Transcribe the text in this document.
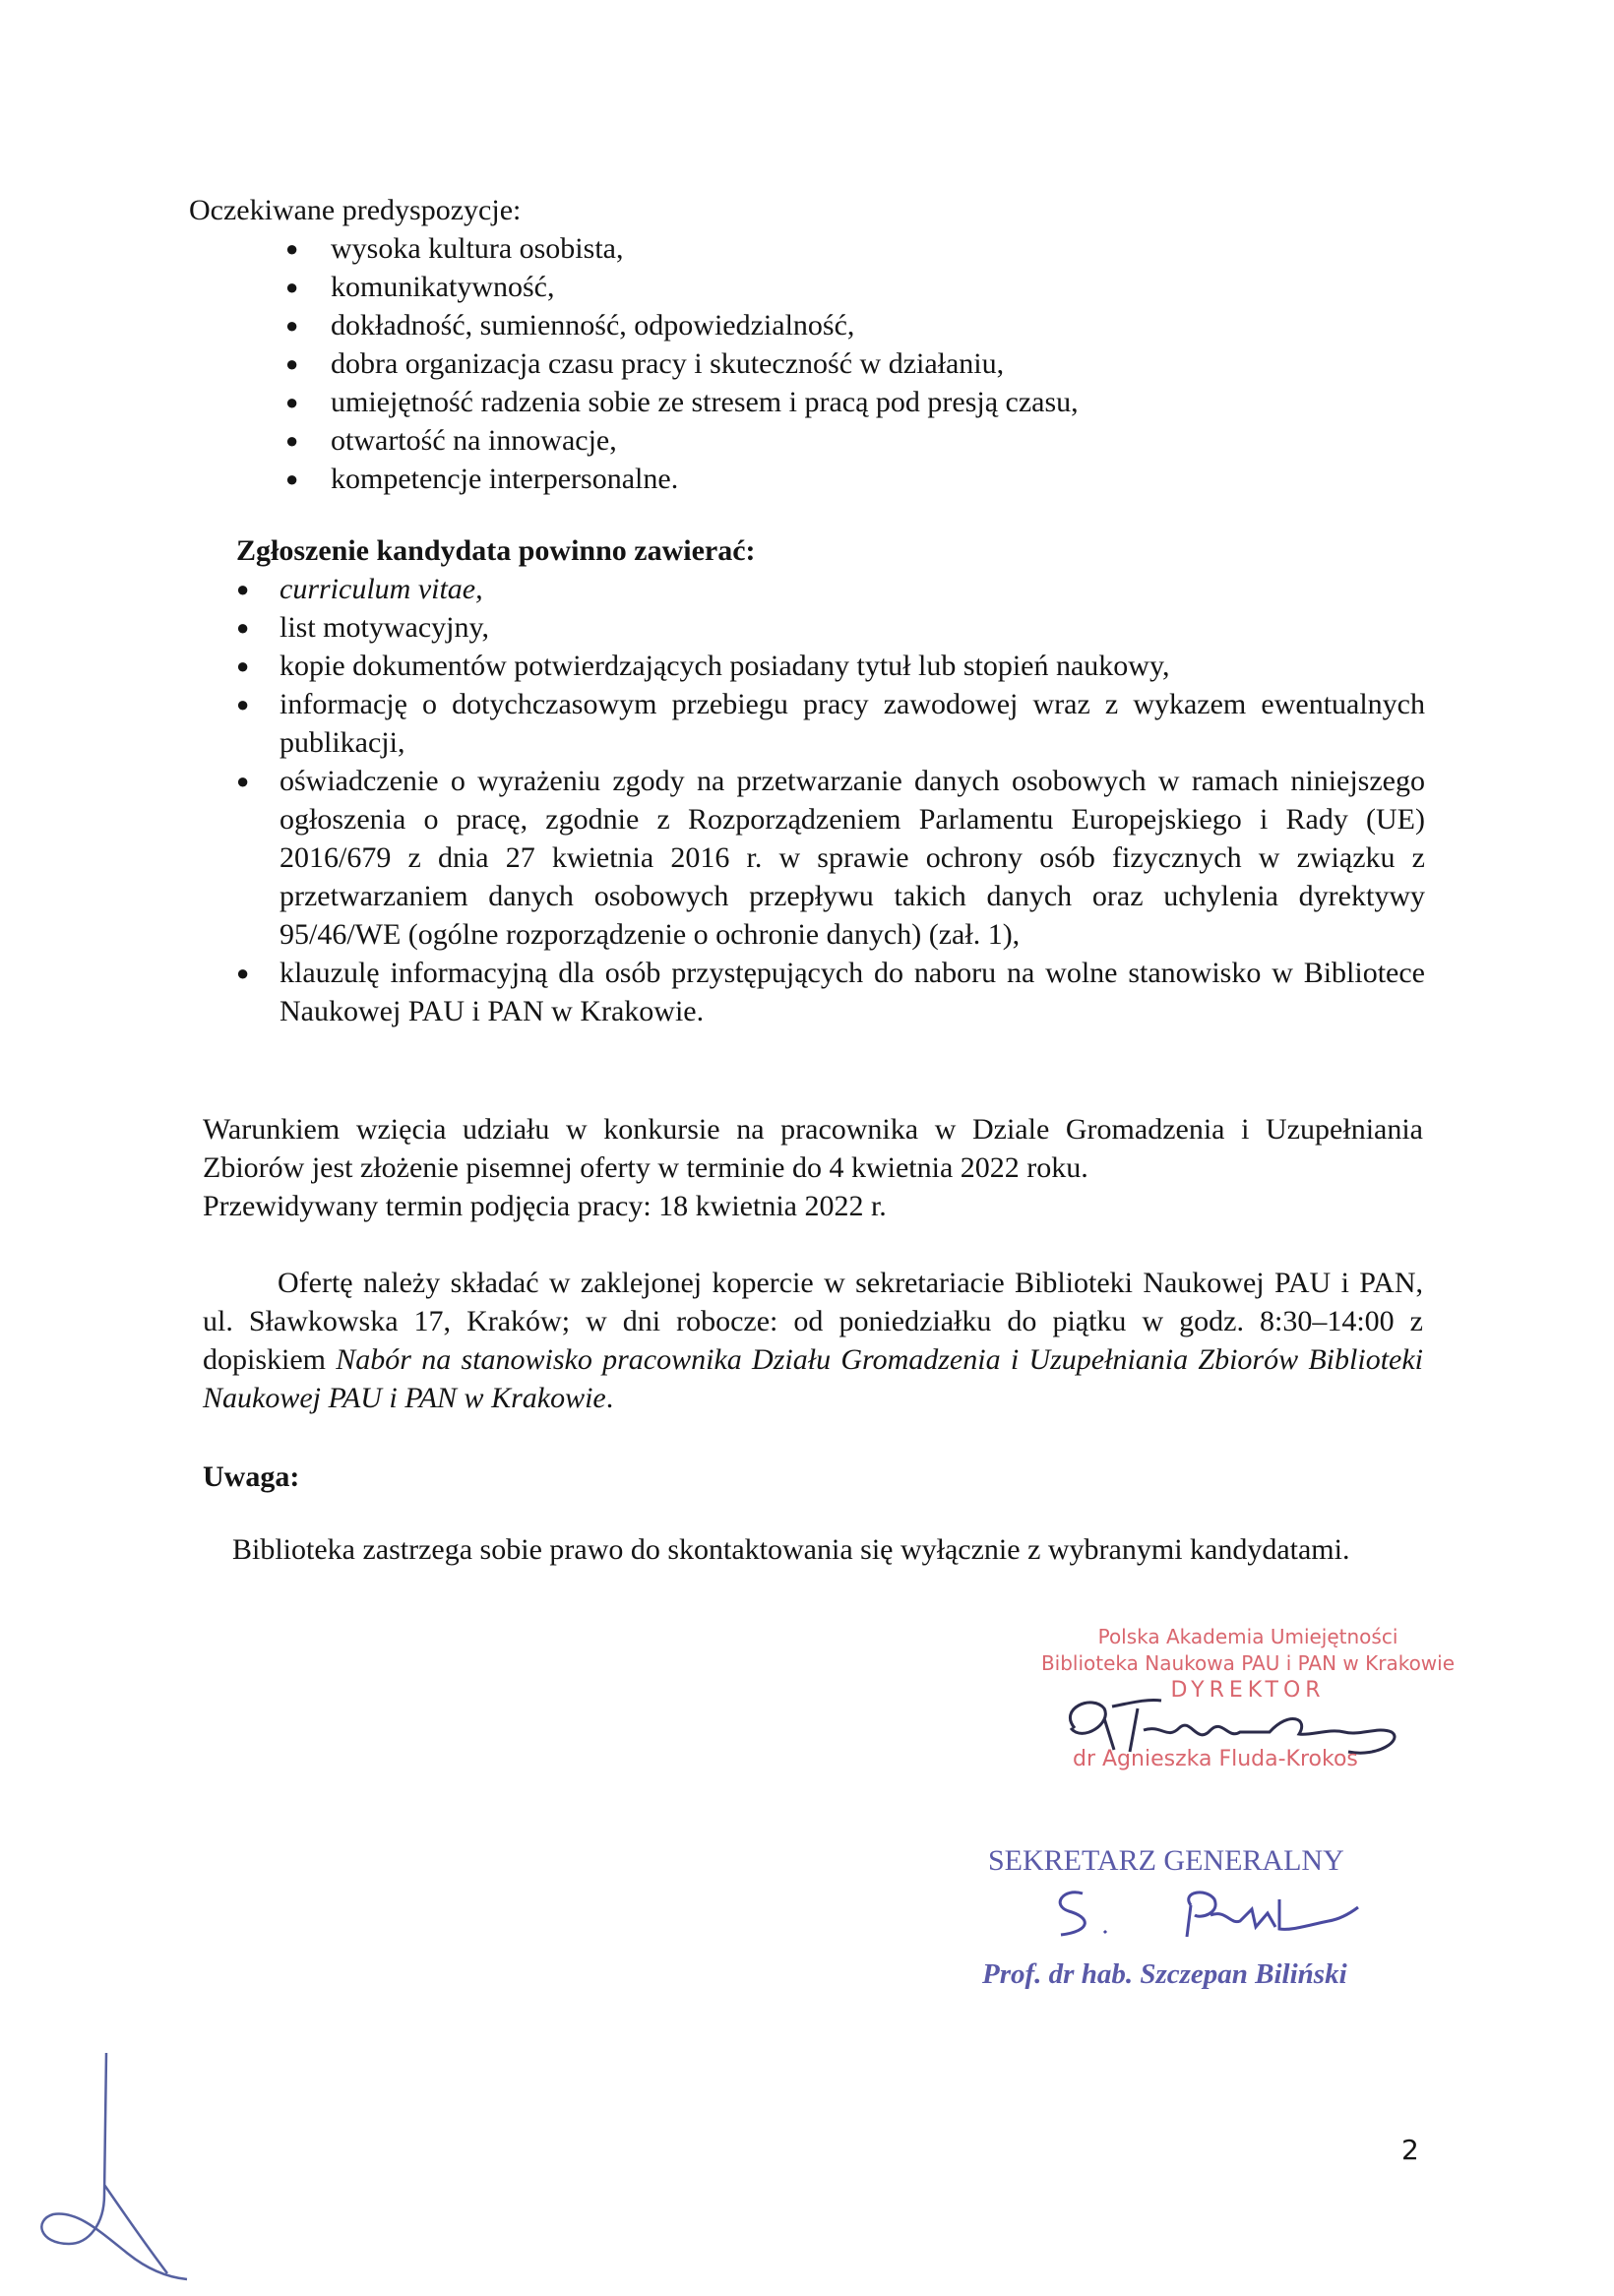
Oczekiwane predyspozycje:
●	wysoka kultura osobista,
●	komunikatywność,
●	dokładność, sumienność, odpowiedzialność,
●	dobra organizacja czasu pracy i skuteczność w działaniu,
●	umiejętność radzenia sobie ze stresem i pracą pod presją czasu,
●	otwartość na innowacje,
●	kompetencje interpersonalne.
Zgłoszenie kandydata powinno zawierać:
●	curriculum vitae,
●	list motywacyjny,
●	kopie dokumentów potwierdzających posiadany tytuł lub stopień naukowy,
●	informację o dotychczasowym przebiegu pracy zawodowej wraz z wykazem ewentualnych publikacji,
●	oświadczenie o wyrażeniu zgody na przetwarzanie danych osobowych w ramach niniejszego ogłoszenia o pracę, zgodnie z Rozporządzeniem Parlamentu Europejskiego i Rady (UE) 2016/679 z dnia 27 kwietnia 2016 r. w sprawie ochrony osób fizycznych w związku z przetwarzaniem danych osobowych przepływu takich danych oraz uchylenia dyrektywy 95/46/WE (ogólne rozporządzenie o ochronie danych) (zał. 1),
●	klauzulę informacyjną dla osób przystępujących do naboru na wolne stanowisko w Bibliotece Naukowej PAU i PAN w Krakowie.
Warunkiem wzięcia udziału w konkursie na pracownika w Dziale Gromadzenia i Uzupełniania Zbiorów jest złożenie pisemnej oferty w terminie do 4 kwietnia 2022 roku.
Przewidywany termin podjęcia pracy: 18 kwietnia 2022 r.
Ofertę należy składać w zaklejonej kopercie w sekretariacie Biblioteki Naukowej PAU i PAN, ul. Sławkowska 17, Kraków; w dni robocze: od poniedziałku do piątku w godz. 8:30–14:00 z dopiskiem Nabór na stanowisko pracownika Działu Gromadzenia i Uzupełniania Zbiorów Biblioteki Naukowej PAU i PAN w Krakowie.
Uwaga:
Biblioteka zastrzega sobie prawo do skontaktowania się wyłącznie z wybranymi kandydatami.
Polska Akademia Umiejętności
Biblioteka Naukowa PAU i PAN w Krakowie
DYREKTOR
dr Agnieszka Fluda-Krokos
SEKRETARZ GENERALNY
Prof. dr hab. Szczepan Biliński
2
